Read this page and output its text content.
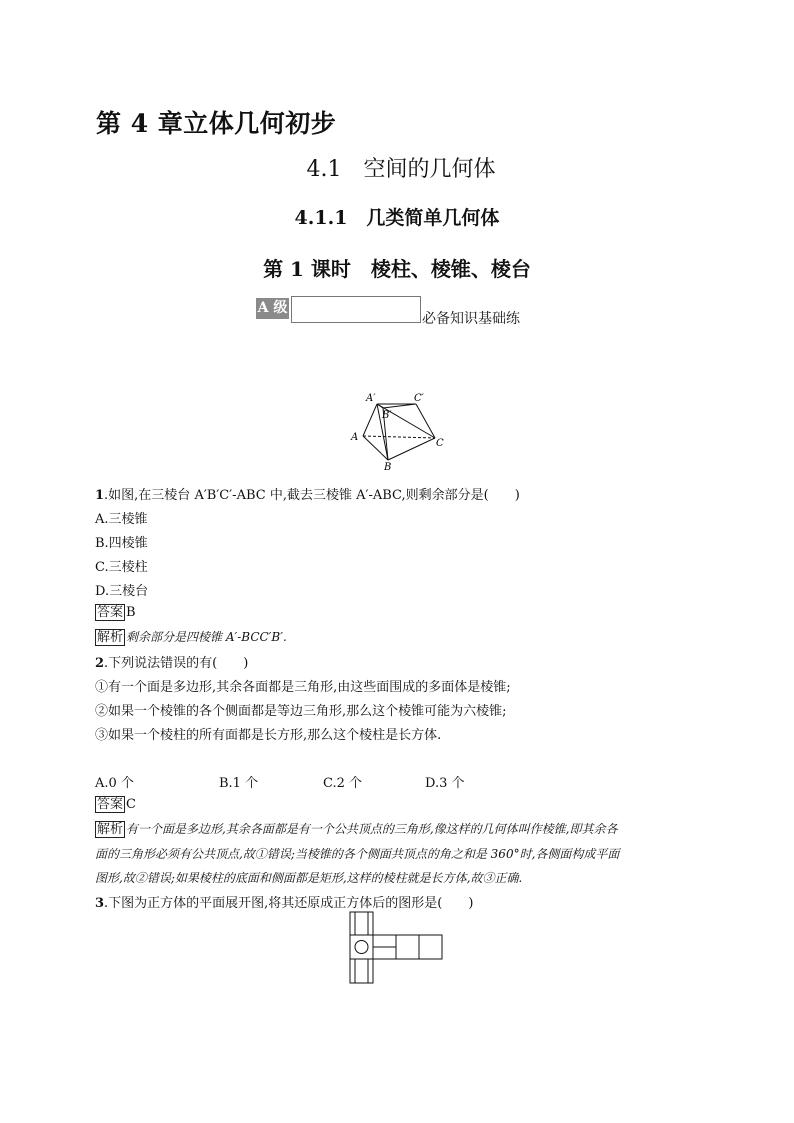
第 4 章立体几何初步
4.1　空间的几何体
4.1.1　几类简单几何体
第 1 课时　棱柱、棱锥、棱台
A 级
必备知识基础练
A′
B′
C′
A
B
C
1.如图,在三棱台 A′B′C′-ABC 中,截去三棱锥 A′-ABC,则剩余部分是(　　)
A.三棱锥
B.四棱锥
C.三棱柱
D.三棱台
答案 B
解析 剩余部分是四棱锥 A′-BCC′B′.
2.下列说法错误的有(　　)
①有一个面是多边形,其余各面都是三角形,由这些面围成的多面体是棱锥;
②如果一个棱锥的各个侧面都是等边三角形,那么这个棱锥可能为六棱锥;
③如果一个棱柱的所有面都是长方形,那么这个棱柱是长方体.
A.0 个	B.1 个	C.2 个	D.3 个
答案 C
解析 有一个面是多边形,其余各面都是有一个公共顶点的三角形,像这样的几何体叫作棱锥,即其余各
面的三角形必须有公共顶点,故①错误;当棱锥的各个侧面共顶点的角之和是 360°时,各侧面构成平面
图形,故②错误;如果棱柱的底面和侧面都是矩形,这样的棱柱就是长方体,故③正确.
3.下图为正方体的平面展开图,将其还原成正方体后的图形是(　　)
